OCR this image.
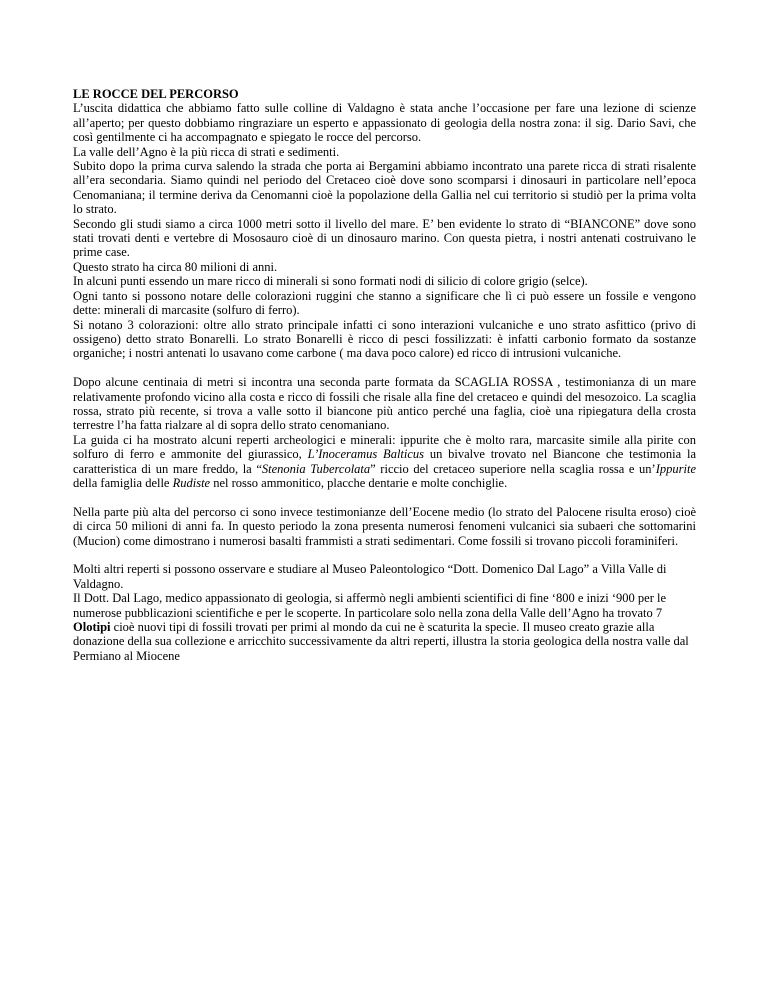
LE ROCCE DEL PERCORSO

L’uscita didattica che abbiamo fatto sulle colline di Valdagno è stata anche l’occasione per fare una lezione di scienze all’aperto; per questo dobbiamo ringraziare un esperto e appassionato di geologia della nostra zona: il sig. Dario Savi, che così gentilmente ci ha accompagnato e spiegato le rocce del percorso.

La valle dell’Agno è la più ricca di strati e sedimenti.

Subito dopo la prima curva salendo la strada che porta ai Bergamini abbiamo incontrato una parete ricca di strati risalente all’era secondaria. Siamo quindi nel periodo del Cretaceo cioè dove sono scomparsi i dinosauri in particolare nell’epoca Cenomaniana; il termine deriva da Cenomanni cioè la popolazione della Gallia nel cui territorio si studiò per la prima volta lo strato.

Secondo gli studi siamo a circa 1000 metri sotto il livello del mare. E’ ben evidente lo strato di “BIANCONE” dove sono stati trovati denti e vertebre di Mososauro cioè di un dinosauro marino. Con questa pietra, i nostri antenati costruivano le prime case.

Questo strato ha circa 80 milioni di anni.

In alcuni punti essendo un mare ricco di minerali si sono formati nodi di silicio di colore grigio (selce).

Ogni tanto si possono notare delle colorazioni ruggini che stanno a significare che lì ci può essere un fossile e vengono dette: minerali di marcasite (solfuro di ferro).

Si notano 3 colorazioni: oltre allo strato principale infatti ci sono interazioni vulcaniche e uno strato asfittico (privo di ossigeno) detto strato Bonarelli. Lo strato Bonarelli è ricco di pesci fossilizzati: è infatti carbonio formato da sostanze organiche; i nostri antenati lo usavano come carbone ( ma dava poco calore) ed ricco di intrusioni vulcaniche.

Dopo alcune centinaia di metri si incontra una seconda parte formata da SCAGLIA ROSSA , testimonianza di un mare relativamente profondo vicino alla costa e ricco di fossili che risale alla fine del cretaceo e quindi del mesozoico. La scaglia rossa, strato più recente, si trova a valle sotto il biancone più antico perché una faglia, cioè una ripiegatura della crosta terrestre l’ha fatta rialzare al di sopra dello strato cenomaniano.

La guida ci ha mostrato alcuni reperti archeologici e minerali: ippurite che è molto rara, marcasite simile alla pirite con solfuro di ferro e ammonite del giurassico, L’Inoceramus Balticus un bivalve trovato nel Biancone che testimonia la caratteristica di un mare freddo, la “Stenonia Tubercolata” riccio del cretaceo superiore nella scaglia rossa e un’Ippurite della famiglia delle Rudiste nel rosso ammonitico, placche dentarie e molte conchiglie.

Nella parte più alta del percorso ci sono invece testimonianze dell’Eocene medio (lo strato del Palocene risulta eroso) cioè di circa 50 milioni di anni fa. In questo periodo la zona presenta numerosi fenomeni vulcanici sia subaeri che sottomarini (Mucion) come dimostrano i numerosi basalti frammisti a strati sedimentari. Come fossili si trovano piccoli foraminiferi.

Molti altri reperti si possono osservare e studiare al Museo Paleontologico “Dott. Domenico Dal Lago” a Villa Valle di Valdagno.

Il Dott. Dal Lago, medico appassionato di geologia, si affermò negli ambienti scientifici di fine ‘800 e inizi ‘900 per le numerose pubblicazioni scientifiche e per le scoperte. In particolare solo nella zona della Valle dell’Agno ha trovato 7 Olotipi cioè nuovi tipi di fossili trovati per primi al mondo da cui ne è scaturita la specie. Il museo creato grazie alla donazione della sua collezione e arricchito successivamente da altri reperti, illustra la storia geologica della nostra valle dal Permiano al Miocene
